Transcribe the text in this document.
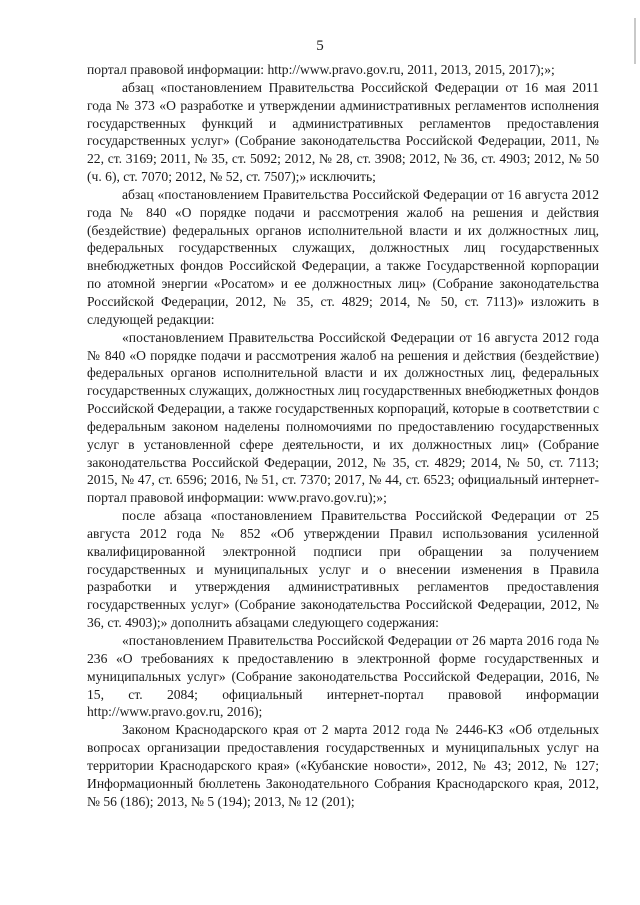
5

портал правовой информации: http://www.pravo.gov.ru, 2011, 2013, 2015, 2017);»;

абзац «постановлением Правительства Российской Федерации от 16 мая 2011 года № 373 «О разработке и утверждении административных регламентов исполнения государственных функций и административных регламентов предоставления государственных услуг» (Собрание законодательства Российской Федерации, 2011, № 22, ст. 3169; 2011, № 35, ст. 5092; 2012, № 28, ст. 3908; 2012, № 36, ст. 4903; 2012, № 50 (ч. 6), ст. 7070; 2012, № 52, ст. 7507);» исключить;

абзац «постановлением Правительства Российской Федерации от 16 августа 2012 года № 840 «О порядке подачи и рассмотрения жалоб на решения и действия (бездействие) федеральных органов исполнительной власти и их должностных лиц, федеральных государственных служащих, должностных лиц государственных внебюджетных фондов Российской Федерации, а также Государственной корпорации по атомной энергии «Росатом» и ее должностных лиц» (Собрание законодательства Российской Федерации, 2012, № 35, ст. 4829; 2014, № 50, ст. 7113)» изложить в следующей редакции:

«постановлением Правительства Российской Федерации от 16 августа 2012 года № 840 «О порядке подачи и рассмотрения жалоб на решения и действия (бездействие) федеральных органов исполнительной власти и их должностных лиц, федеральных государственных служащих, должностных лиц государственных внебюджетных фондов Российской Федерации, а также государственных корпораций, которые в соответствии с федеральным законом наделены полномочиями по предоставлению государственных услуг в установленной сфере деятельности, и их должностных лиц» (Собрание законодательства Российской Федерации, 2012, № 35, ст. 4829; 2014, № 50, ст. 7113; 2015, № 47, ст. 6596; 2016, № 51, ст. 7370; 2017, № 44, ст. 6523; официальный интернет-портал правовой информации: www.pravo.gov.ru);»;

после абзаца «постановлением Правительства Российской Федерации от 25 августа 2012 года № 852 «Об утверждении Правил использования усиленной квалифицированной электронной подписи при обращении за получением государственных и муниципальных услуг и о внесении изменения в Правила разработки и утверждения административных регламентов предоставления государственных услуг» (Собрание законодательства Российской Федерации, 2012, № 36, ст. 4903);» дополнить абзацами следующего содержания:

«постановлением Правительства Российской Федерации от 26 марта 2016 года № 236 «О требованиях к предоставлению в электронной форме государственных и муниципальных услуг» (Собрание законодательства Российской Федерации, 2016, № 15, ст. 2084; официальный интернет-портал правовой информации http://www.pravo.gov.ru, 2016);

Законом Краснодарского края от 2 марта 2012 года № 2446-КЗ «Об отдельных вопросах организации предоставления государственных и муниципальных услуг на территории Краснодарского края» («Кубанские новости», 2012, № 43; 2012, № 127; Информационный бюллетень Законодательного Собрания Краснодарского края, 2012, № 56 (186); 2013, № 5 (194); 2013, № 12 (201);
